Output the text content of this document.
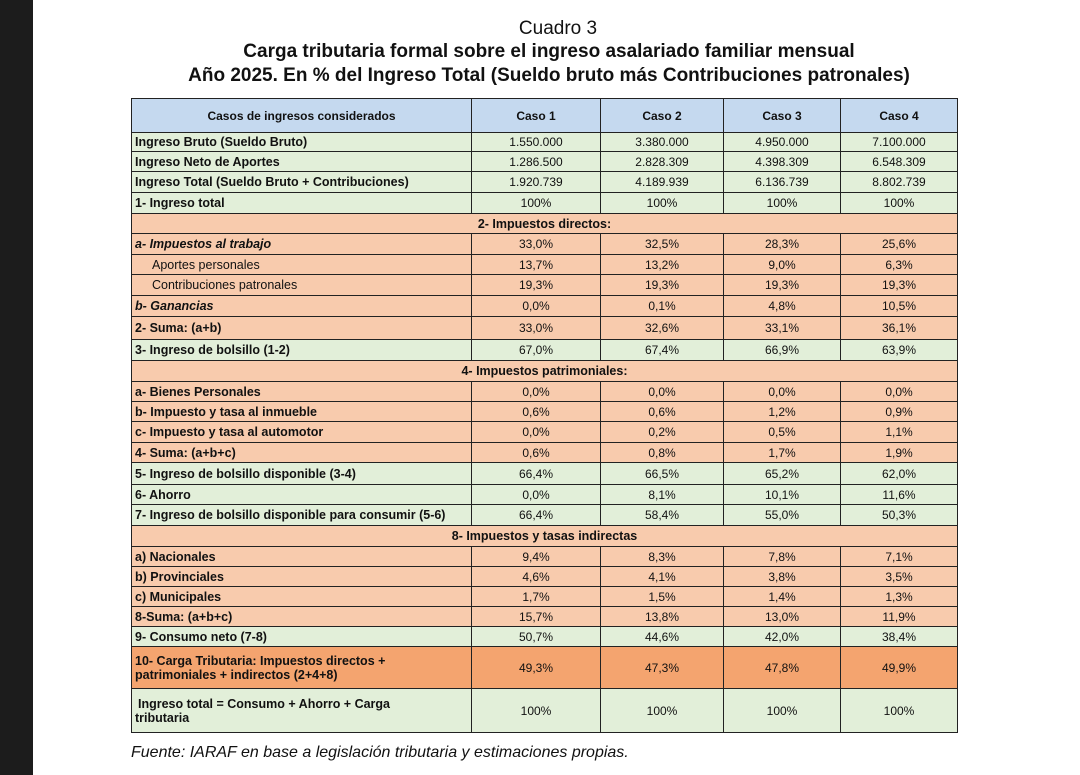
Cuadro 3
Carga tributaria formal sobre el ingreso asalariado familiar mensual
Año 2025. En % del Ingreso Total (Sueldo bruto más Contribuciones patronales)
Casos de ingresos considerados	Caso 1	Caso 2	Caso 3	Caso 4
Ingreso Bruto (Sueldo Bruto)	1.550.000	3.380.000	4.950.000	7.100.000
Ingreso Neto de Aportes	1.286.500	2.828.309	4.398.309	6.548.309
Ingreso Total (Sueldo Bruto + Contribuciones)	1.920.739	4.189.939	6.136.739	8.802.739
1- Ingreso total	100%	100%	100%	100%
2- Impuestos directos:				
a- Impuestos al trabajo	33,0%	32,5%	28,3%	25,6%
Aportes personales	13,7%	13,2%	9,0%	6,3%
Contribuciones patronales	19,3%	19,3%	19,3%	19,3%
b- Ganancias	0,0%	0,1%	4,8%	10,5%
2- Suma: (a+b)	33,0%	32,6%	33,1%	36,1%
3- Ingreso de bolsillo (1-2)	67,0%	67,4%	66,9%	63,9%
4- Impuestos patrimoniales:				
a- Bienes Personales	0,0%	0,0%	0,0%	0,0%
b- Impuesto y tasa al inmueble	0,6%	0,6%	1,2%	0,9%
c- Impuesto y tasa al automotor	0,0%	0,2%	0,5%	1,1%
4- Suma: (a+b+c)	0,6%	0,8%	1,7%	1,9%
5- Ingreso de bolsillo disponible (3-4)	66,4%	66,5%	65,2%	62,0%
6- Ahorro	0,0%	8,1%	10,1%	11,6%
7- Ingreso de bolsillo disponible para consumir (5-6)	66,4%	58,4%	55,0%	50,3%
8- Impuestos y tasas indirectas				
a) Nacionales	9,4%	8,3%	7,8%	7,1%
b) Provinciales	4,6%	4,1%	3,8%	3,5%
c) Municipales	1,7%	1,5%	1,4%	1,3%
8-Suma: (a+b+c)	15,7%	13,8%	13,0%	11,9%
9- Consumo neto (7-8)	50,7%	44,6%	42,0%	38,4%

10- Carga Tributaria: Impuestos directos +
patrimoniales + indirectos (2+4+8)	49,3%	47,3%	47,8%	49,9%

Ingreso total = Consumo + Ahorro + Carga
tributaria	100%	100%	100%	100%
Fuente: IARAF en base a legislación tributaria y estimaciones propias.
